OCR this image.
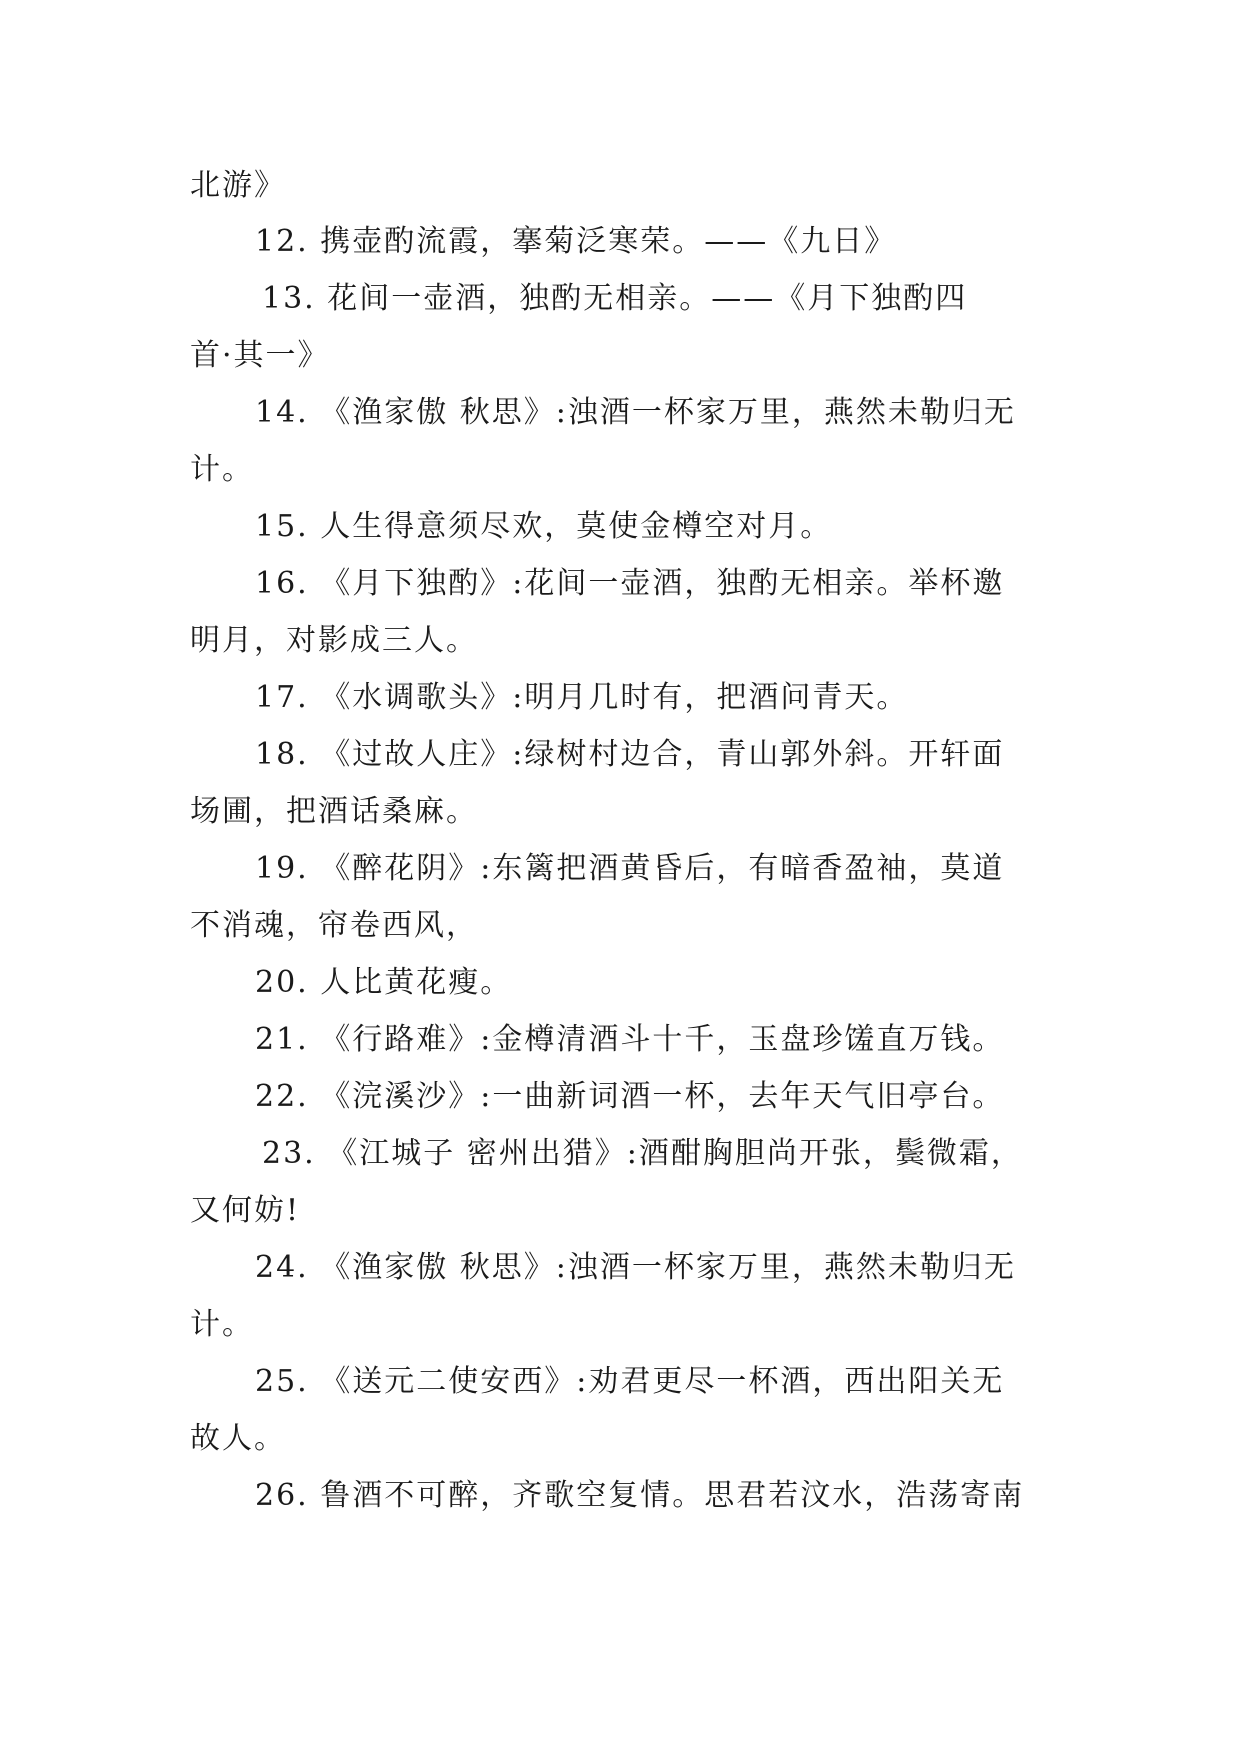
北游》
12. 携壶酌流霞，搴菊泛寒荣。——《九日》
13. 花间一壶酒，独酌无相亲。——《月下独酌四
首·其一》
14. 《渔家傲 秋思》:浊酒一杯家万里，燕然未勒归无
计。
15. 人生得意须尽欢，莫使金樽空对月。
16. 《月下独酌》:花间一壶酒，独酌无相亲。举杯邀
明月，对影成三人。
17. 《水调歌头》:明月几时有，把酒问青天。
18. 《过故人庄》:绿树村边合，青山郭外斜。开轩面
场圃，把酒话桑麻。
19. 《醉花阴》:东篱把酒黄昏后，有暗香盈袖，莫道
不消魂，帘卷西风，
20. 人比黄花瘦。
21. 《行路难》:金樽清酒斗十千，玉盘珍馐直万钱。
22. 《浣溪沙》:一曲新词酒一杯，去年天气旧亭台。
23. 《江城子 密州出猎》:酒酣胸胆尚开张，鬓微霜，
又何妨!
24. 《渔家傲 秋思》:浊酒一杯家万里，燕然未勒归无
计。
25. 《送元二使安西》:劝君更尽一杯酒，西出阳关无
故人。
26. 鲁酒不可醉，齐歌空复情。思君若汶水，浩荡寄南
